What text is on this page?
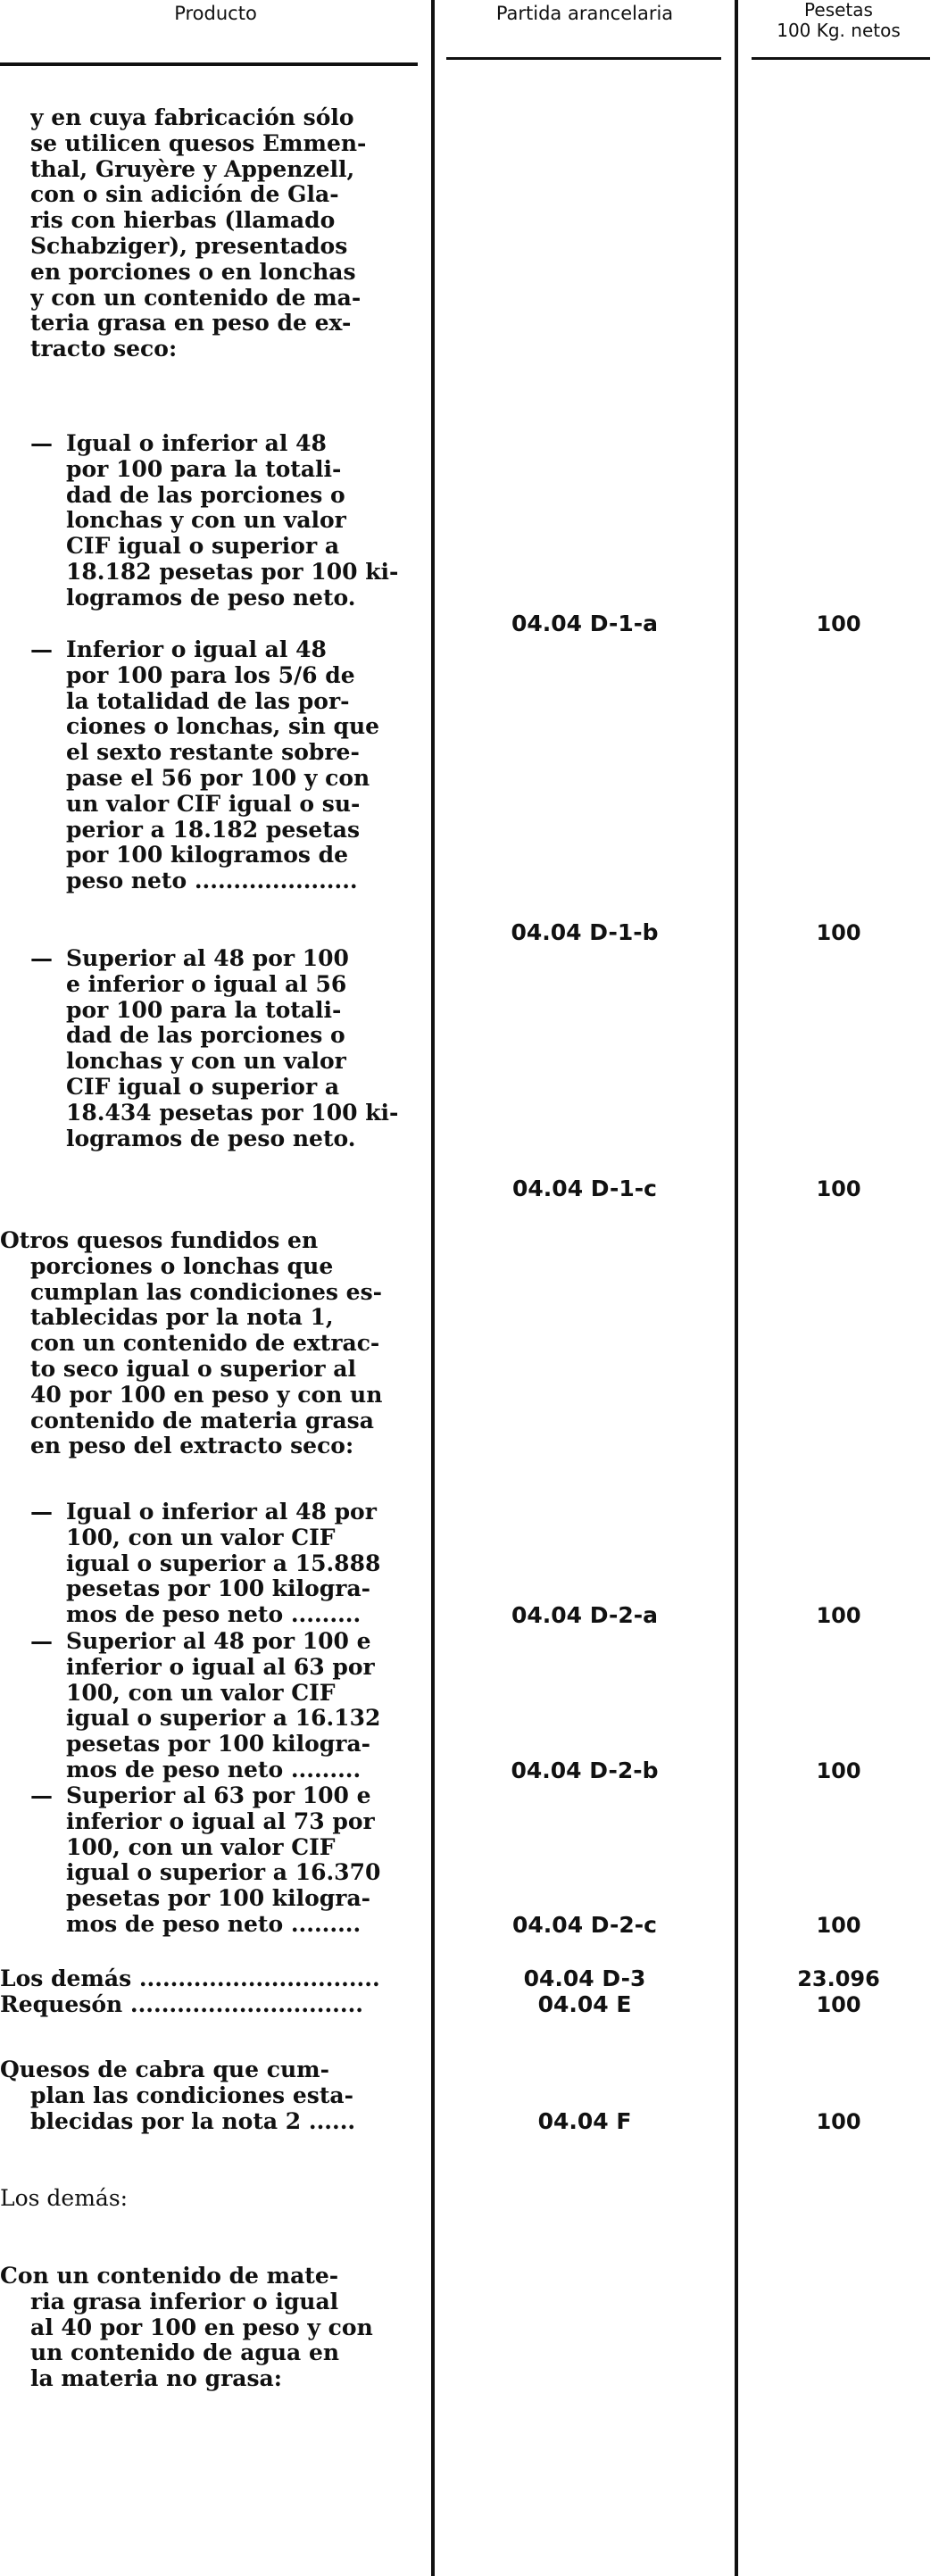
Producto	Partida arancelaria	Pesetas
100 Kg. netos
y en cuya fabricación sólo
se utilicen quesos Emmen-
thal, Gruyère y Appenzell,
con o sin adición de Gla-
ris con hierbas (llamado
Schabziger), presentados
en porciones o en lonchas
y con un contenido de ma-
teria grasa en peso de ex-
tracto seco:
— Igual o inferior al 48
por 100 para la totali-
dad de las porciones o
lonchas y con un valor
CIF igual o superior a
18.182 pesetas por 100 ki-
logramos de peso neto.
04.04 D-1-a	100
— Inferior o igual al 48
por 100 para los 5/6 de
la totalidad de las por-
ciones o lonchas, sin que
el sexto restante sobre-
pase el 56 por 100 y con
un valor CIF igual o su-
perior a 18.182 pesetas
por 100 kilogramos de
peso neto .....................
04.04 D-1-b	100
— Superior al 48 por 100
e inferior o igual al 56
por 100 para la totali-
dad de las porciones o
lonchas y con un valor
CIF igual o superior a
18.434 pesetas por 100 ki-
logramos de peso neto.
04.04 D-1-c	100
Otros quesos fundidos en
porciones o lonchas que
cumplan las condiciones es-
tablecidas por la nota 1,
con un contenido de extrac-
to seco igual o superior al
40 por 100 en peso y con un
contenido de materia grasa
en peso del extracto seco:
— Igual o inferior al 48 por
100, con un valor CIF
igual o superior a 15.888
pesetas por 100 kilogra-
mos de peso neto .........	04.04 D-2-a	100
— Superior al 48 por 100 e
inferior o igual al 63 por
100, con un valor CIF
igual o superior a 16.132
pesetas por 100 kilogra-
mos de peso neto .........	04.04 D-2-b	100
— Superior al 63 por 100 e
inferior o igual al 73 por
100, con un valor CIF
igual o superior a 16.370
pesetas por 100 kilogra-
mos de peso neto .........	04.04 D-2-c	100
Los demás ...............................	04.04 D-3	23.096
Requesón ..............................	04.04 E	100
Quesos de cabra que cum-
plan las condiciones esta-
blecidas por la nota 2 ......	04.04 F	100
Los demás:
Con un contenido de mate-
ria grasa inferior o igual
al 40 por 100 en peso y con
un contenido de agua en
la materia no grasa:
